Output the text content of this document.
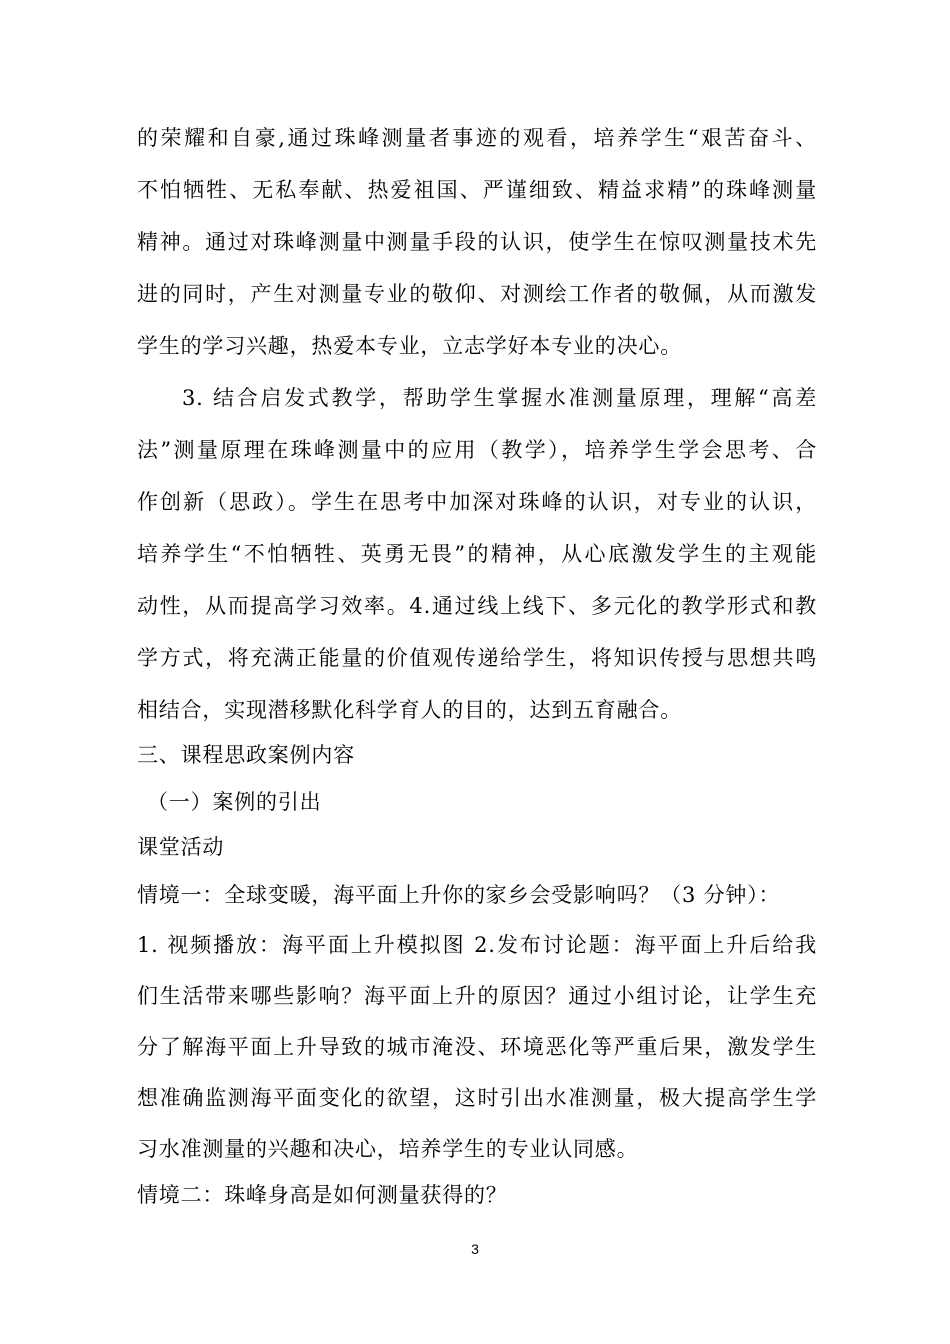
的荣耀和自豪,通过珠峰测量者事迹的观看，培养学生“艰苦奋斗、
不怕牺牲、无私奉献、热爱祖国、严谨细致、精益求精”的珠峰测量
精神。通过对珠峰测量中测量手段的认识，使学生在惊叹测量技术先
进的同时，产生对测量专业的敬仰、对测绘工作者的敬佩，从而激发
学生的学习兴趣，热爱本专业，立志学好本专业的决心。
3. 结合启发式教学，帮助学生掌握水准测量原理，理解“高差
法”测量原理在珠峰测量中的应用（教学），培养学生学会思考、合
作创新（思政）。学生在思考中加深对珠峰的认识，对专业的认识，
培养学生“不怕牺牲、英勇无畏”的精神，从心底激发学生的主观能
动性，从而提高学习效率。4.通过线上线下、多元化的教学形式和教
学方式，将充满正能量的价值观传递给学生，将知识传授与思想共鸣
相结合，实现潜移默化科学育人的目的，达到五育融合。
三、课程思政案例内容
（一）案例的引出
课堂活动
情境一：全球变暖，海平面上升你的家乡会受影响吗？（3 分钟）：
1. 视频播放：海平面上升模拟图 2.发布讨论题：海平面上升后给我
们生活带来哪些影响？海平面上升的原因？通过小组讨论，让学生充
分了解海平面上升导致的城市淹没、环境恶化等严重后果，激发学生
想准确监测海平面变化的欲望，这时引出水准测量，极大提高学生学
习水准测量的兴趣和决心，培养学生的专业认同感。
情境二：珠峰身高是如何测量获得的？
3
